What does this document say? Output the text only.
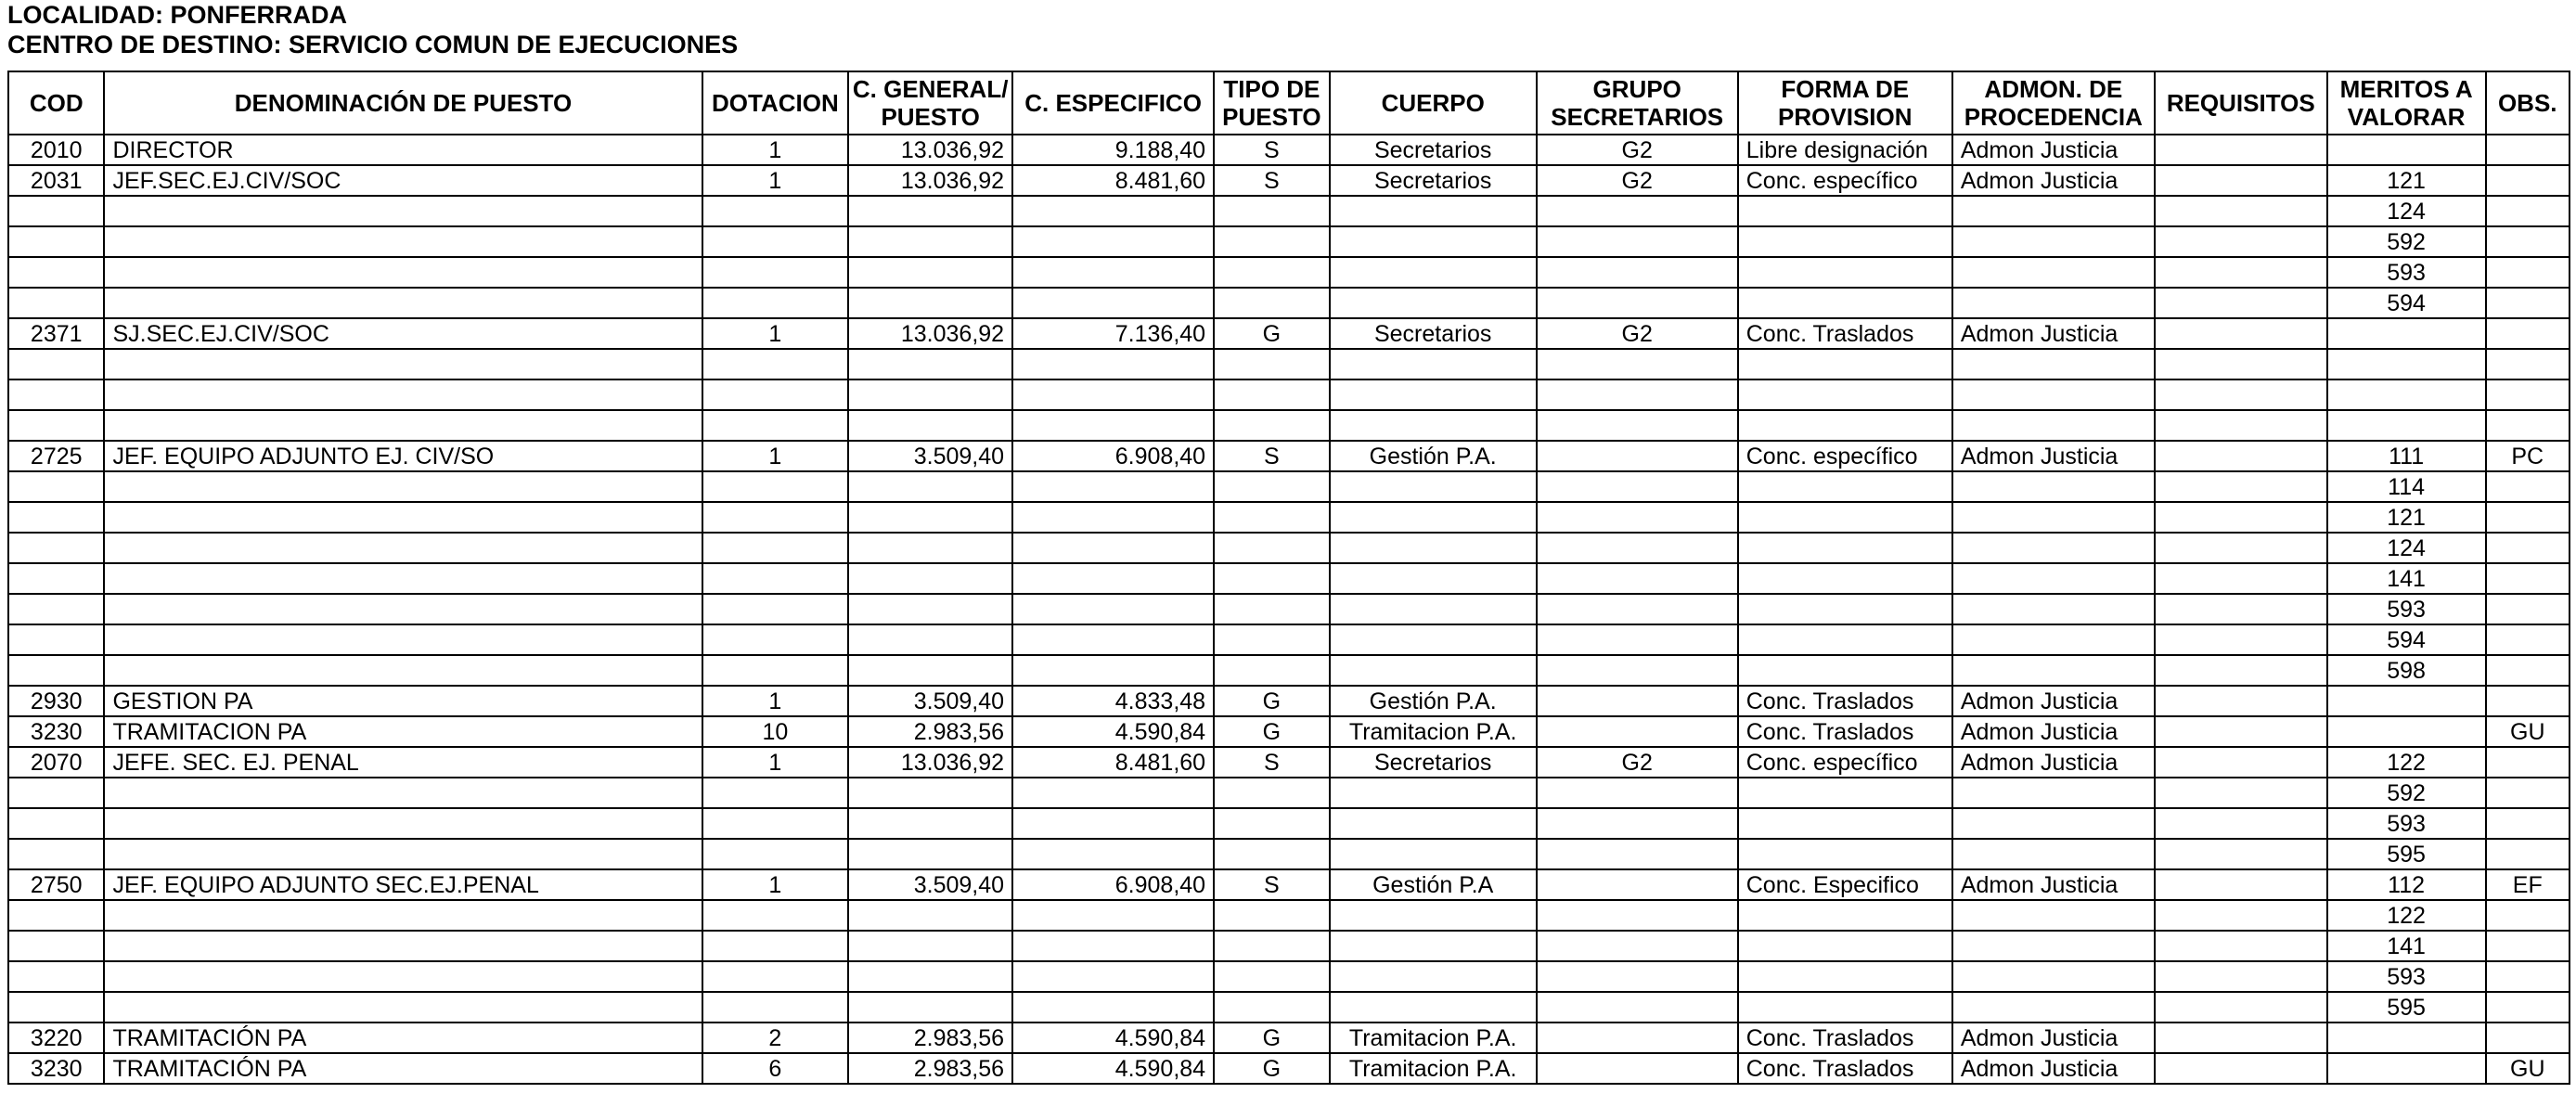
LOCALIDAD: PONFERRADA
CENTRO DE DESTINO: SERVICIO COMUN DE EJECUCIONES
COD	DENOMINACIÓN DE PUESTO	DOTACION	C. GENERAL/ PUESTO	C. ESPECIFICO	TIPO DE PUESTO	CUERPO	GRUPO SECRETARIOS	FORMA DE PROVISION	ADMON. DE PROCEDENCIA	REQUISITOS	MERITOS A VALORAR	OBS.
2010	DIRECTOR	1	13.036,92	9.188,40	S	Secretarios	G2	Libre designación	Admon Justicia			
2031	JEF.SEC.EJ.CIV/SOC	1	13.036,92	8.481,60	S	Secretarios	G2	Conc. específico	Admon Justicia		121	
											124	
											592	
											593	
											594	
2371	SJ.SEC.EJ.CIV/SOC	1	13.036,92	7.136,40	G	Secretarios	G2	Conc. Traslados	Admon Justicia			

2725	JEF. EQUIPO ADJUNTO EJ. CIV/SO	1	3.509,40	6.908,40	S	Gestión P.A.		Conc. específico	Admon Justicia		111	PC
											114	
											121	
											124	
											141	
											593	
											594	
											598	
2930	GESTION PA	1	3.509,40	4.833,48	G	Gestión P.A.		Conc. Traslados	Admon Justicia			
3230	TRAMITACION PA	10	2.983,56	4.590,84	G	Tramitacion P.A.		Conc. Traslados	Admon Justicia			GU
2070	JEFE. SEC. EJ. PENAL	1	13.036,92	8.481,60	S	Secretarios	G2	Conc. específico	Admon Justicia		122	
											592	
											593	
											595	
2750	JEF. EQUIPO ADJUNTO SEC.EJ.PENAL	1	3.509,40	6.908,40	S	Gestión P.A		Conc. Especifico	Admon Justicia		112	EF
											122	
											141	
											593	
											595	
3220	TRAMITACIÓN PA	2	2.983,56	4.590,84	G	Tramitacion P.A.		Conc. Traslados	Admon Justicia			
3230	TRAMITACIÓN PA	6	2.983,56	4.590,84	G	Tramitacion P.A.		Conc. Traslados	Admon Justicia			GU
